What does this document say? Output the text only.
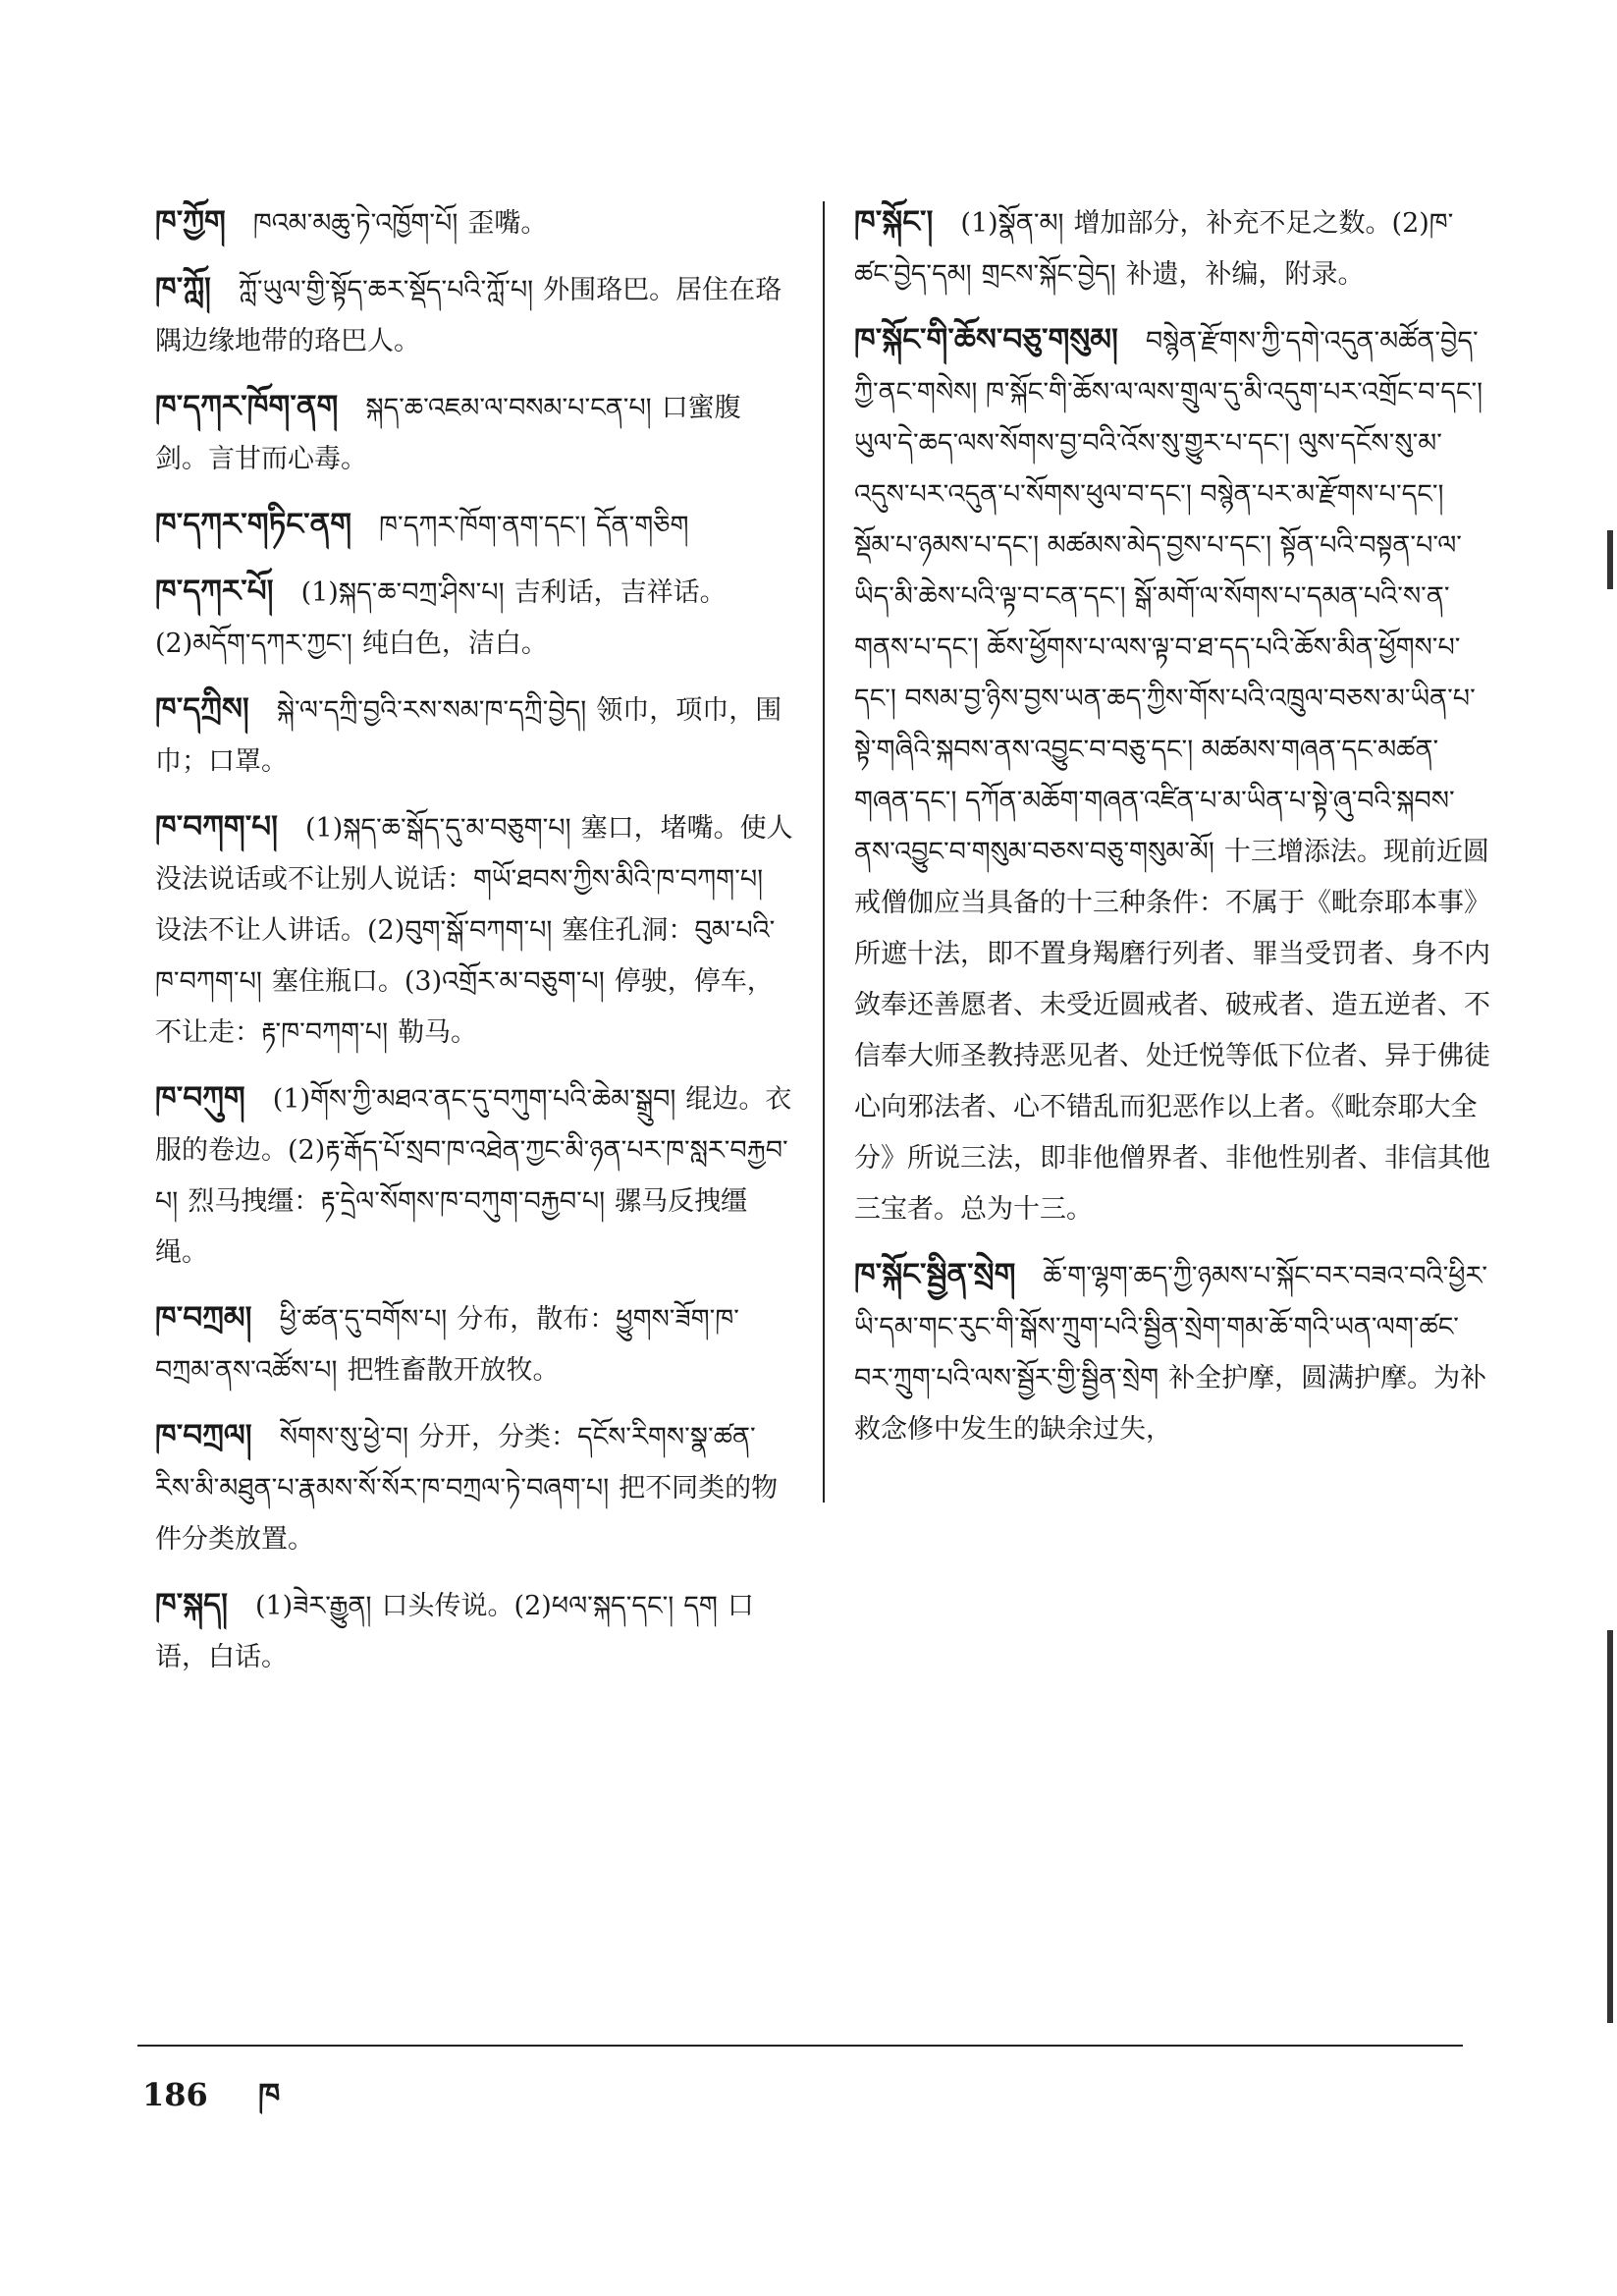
ཁ་ཀྱོག ཁའམ་མཆུ་ཏེ་འཁྱོག་པོ། 歪嘴。
ཁ་ཀློ། ཀློ་ཡུལ་གྱི་སྟོད་ཆར་སྡོད་པའི་ཀློ་པ། 外围珞巴。居住在珞隅边缘地带的珞巴人。
ཁ་དཀར་ཁོག་ནག སྐད་ཆ་འཇམ་ལ་བསམ་པ་ངན་པ། 口蜜腹剑。言甘而心毒。
ཁ་དཀར་གཏིང་ནག ཁ་དཀར་ཁོག་ནག་དང་། དོན་གཅིག
ཁ་དཀར་པོ། (1)སྐད་ཆ་བཀྲ་ཤིས་པ། 吉利话，吉祥话。(2)མདོག་དཀར་ཀྱང་། 纯白色，洁白。
ཁ་དཀྲིས། སྐེ་ལ་དཀྲི་བྱའི་རས་སམ་ཁ་དཀྲི་བྱེད། 领巾，项巾，围巾；口罩。
ཁ་བཀག་པ། (1)སྐད་ཆ་སྒོད་དུ་མ་བཅུག་པ། 塞口，堵嘴。使人没法说话或不让别人说话：གཡོ་ཐབས་ཀྱིས་མིའི་ཁ་བཀག་པ།设法不让人讲话。(2)བུག་སྒོ་བཀག་པ། 塞住孔洞：བུམ་པའི་ཁ་བཀག་པ། 塞住瓶口。(3)འགྲོར་མ་བཅུག་པ། 停驶，停车，不让走：རྟ་ཁ་བཀག་པ། 勒马。
ཁ་བཀུག (1)གོས་ཀྱི་མཐའ་ནང་དུ་བཀུག་པའི་ཆེམ་སྒྲུབ། 绲边。衣服的卷边。(2)རྟ་རྒོད་པོ་སྲབ་ཁ་འཐེན་ཀྱང་མི་ཉན་པར་ཁ་སླར་བརྐྱབ་པ། 烈马拽缰：རྟ་དྲེལ་སོགས་ཁ་བཀུག་བརྐྱབ་པ། 骡马反拽缰绳。
ཁ་བཀྲམ། ཕྱི་ཚན་དུ་བགོས་པ། 分布，散布：ཕྱུགས་ཟོག་ཁ་བཀྲམ་ནས་འཚོས་པ། 把牲畜散开放牧。
ཁ་བཀྲལ། སོགས་སུ་ཕྱེ་བ། 分开，分类：དངོས་རིགས་སྣ་ཚན་རིས་མི་མཐུན་པ་རྣམས་སོ་སོར་ཁ་བཀྲལ་ཏེ་བཞག་པ། 把不同类的物件分类放置。
ཁ་སྐད། (1)ཟེར་རྒྱུན། 口头传说。(2)ཕལ་སྐད་དང་། དག 口语，白话。
ཁ་སྐོང་། (1)སྣོན་མ། 增加部分，补充不足之数。(2)ཁ་ཚང་བྱེད་དམ། གྲངས་སྐོང་བྱེད། 补遗，补编，附录。
ཁ་སྐོང་གི་ཆོས་བཅུ་གསུམ། བསྙེན་རྫོགས་ཀྱི་དགེ་འདུན་མཚོན་བྱེད་ཀྱི་ནང་གསེས། ཁ་སྐོང་གི་ཆོས་ལ་ལས་གྲུལ་དུ་མི་འདུག་པར་འགྲོང་བ་དང་། ཡུལ་དེ་ཆད་ལས་སོགས་བྱ་བའི་འོས་སུ་གྱུར་པ་དང་། ལུས་དངོས་སུ་མ་འདུས་པར་འདུན་པ་སོགས་ཕུལ་བ་དང་། བསྙེན་པར་མ་རྫོགས་པ་དང་། སྡོམ་པ་ཉམས་པ་དང་། མཚམས་མེད་བྱས་པ་དང་། སྟོན་པའི་བསྟན་པ་ལ་ཡིད་མི་ཆེས་པའི་ལྟ་བ་ངན་དང་། སྒོ་མགོ་ལ་སོགས་པ་དམན་པའི་ས་ན་གནས་པ་དང་། ཆོས་ཕྱོགས་པ་ལས་ལྟ་བ་ཐ་དད་པའི་ཆོས་མིན་ཕྱོགས་པ་དང་། བསམ་བྱ་ཉིས་བྱས་ཡན་ཆད་ཀྱིས་གོས་པའི་འཁྲུལ་བཅས་མ་ཡིན་པ་སྟེ་གཞིའི་སྐབས་ནས་འབྱུང་བ་བཅུ་དང་། མཚམས་གཞན་དང་མཚན་གཞན་དང་། དཀོན་མཆོག་གཞན་འཛིན་པ་མ་ཡིན་པ་སྟེ་ཞུ་བའི་སྐབས་ནས་འབྱུང་བ་གསུམ་བཅས་བཅུ་གསུམ་མོ། 十三增添法。现前近圆戒僧伽应当具备的十三种条件：不属于《毗奈耶本事》所遮十法，即不置身羯磨行列者、罪当受罚者、身不内敛奉还善愿者、未受近圆戒者、破戒者、造五逆者、不信奉大师圣教持恶见者、处迁悦等低下位者、异于佛徒心向邪法者、心不错乱而犯恶作以上者。《毗奈耶大全分》所说三法，即非他僧界者、非他性别者、非信其他三宝者。总为十三。
ཁ་སྐོང་སྦྱིན་སྲེག ཆོ་ག་ལྷག་ཆད་ཀྱི་ཉམས་པ་སྐོང་བར་བཟའ་བའི་ཕྱིར་ཡི་དམ་གང་རུང་གི་སྒོས་ཀྲུག་པའི་སྦྱིན་སྲེག་གམ་ཆོ་གའི་ཡན་ལག་ཚང་བར་ཀྲུག་པའི་ལས་སྦྱོར་གྱི་སྦྱིན་སྲེག 补全护摩，圆满护摩。为补救念修中发生的缺余过失，
186 ཁ
